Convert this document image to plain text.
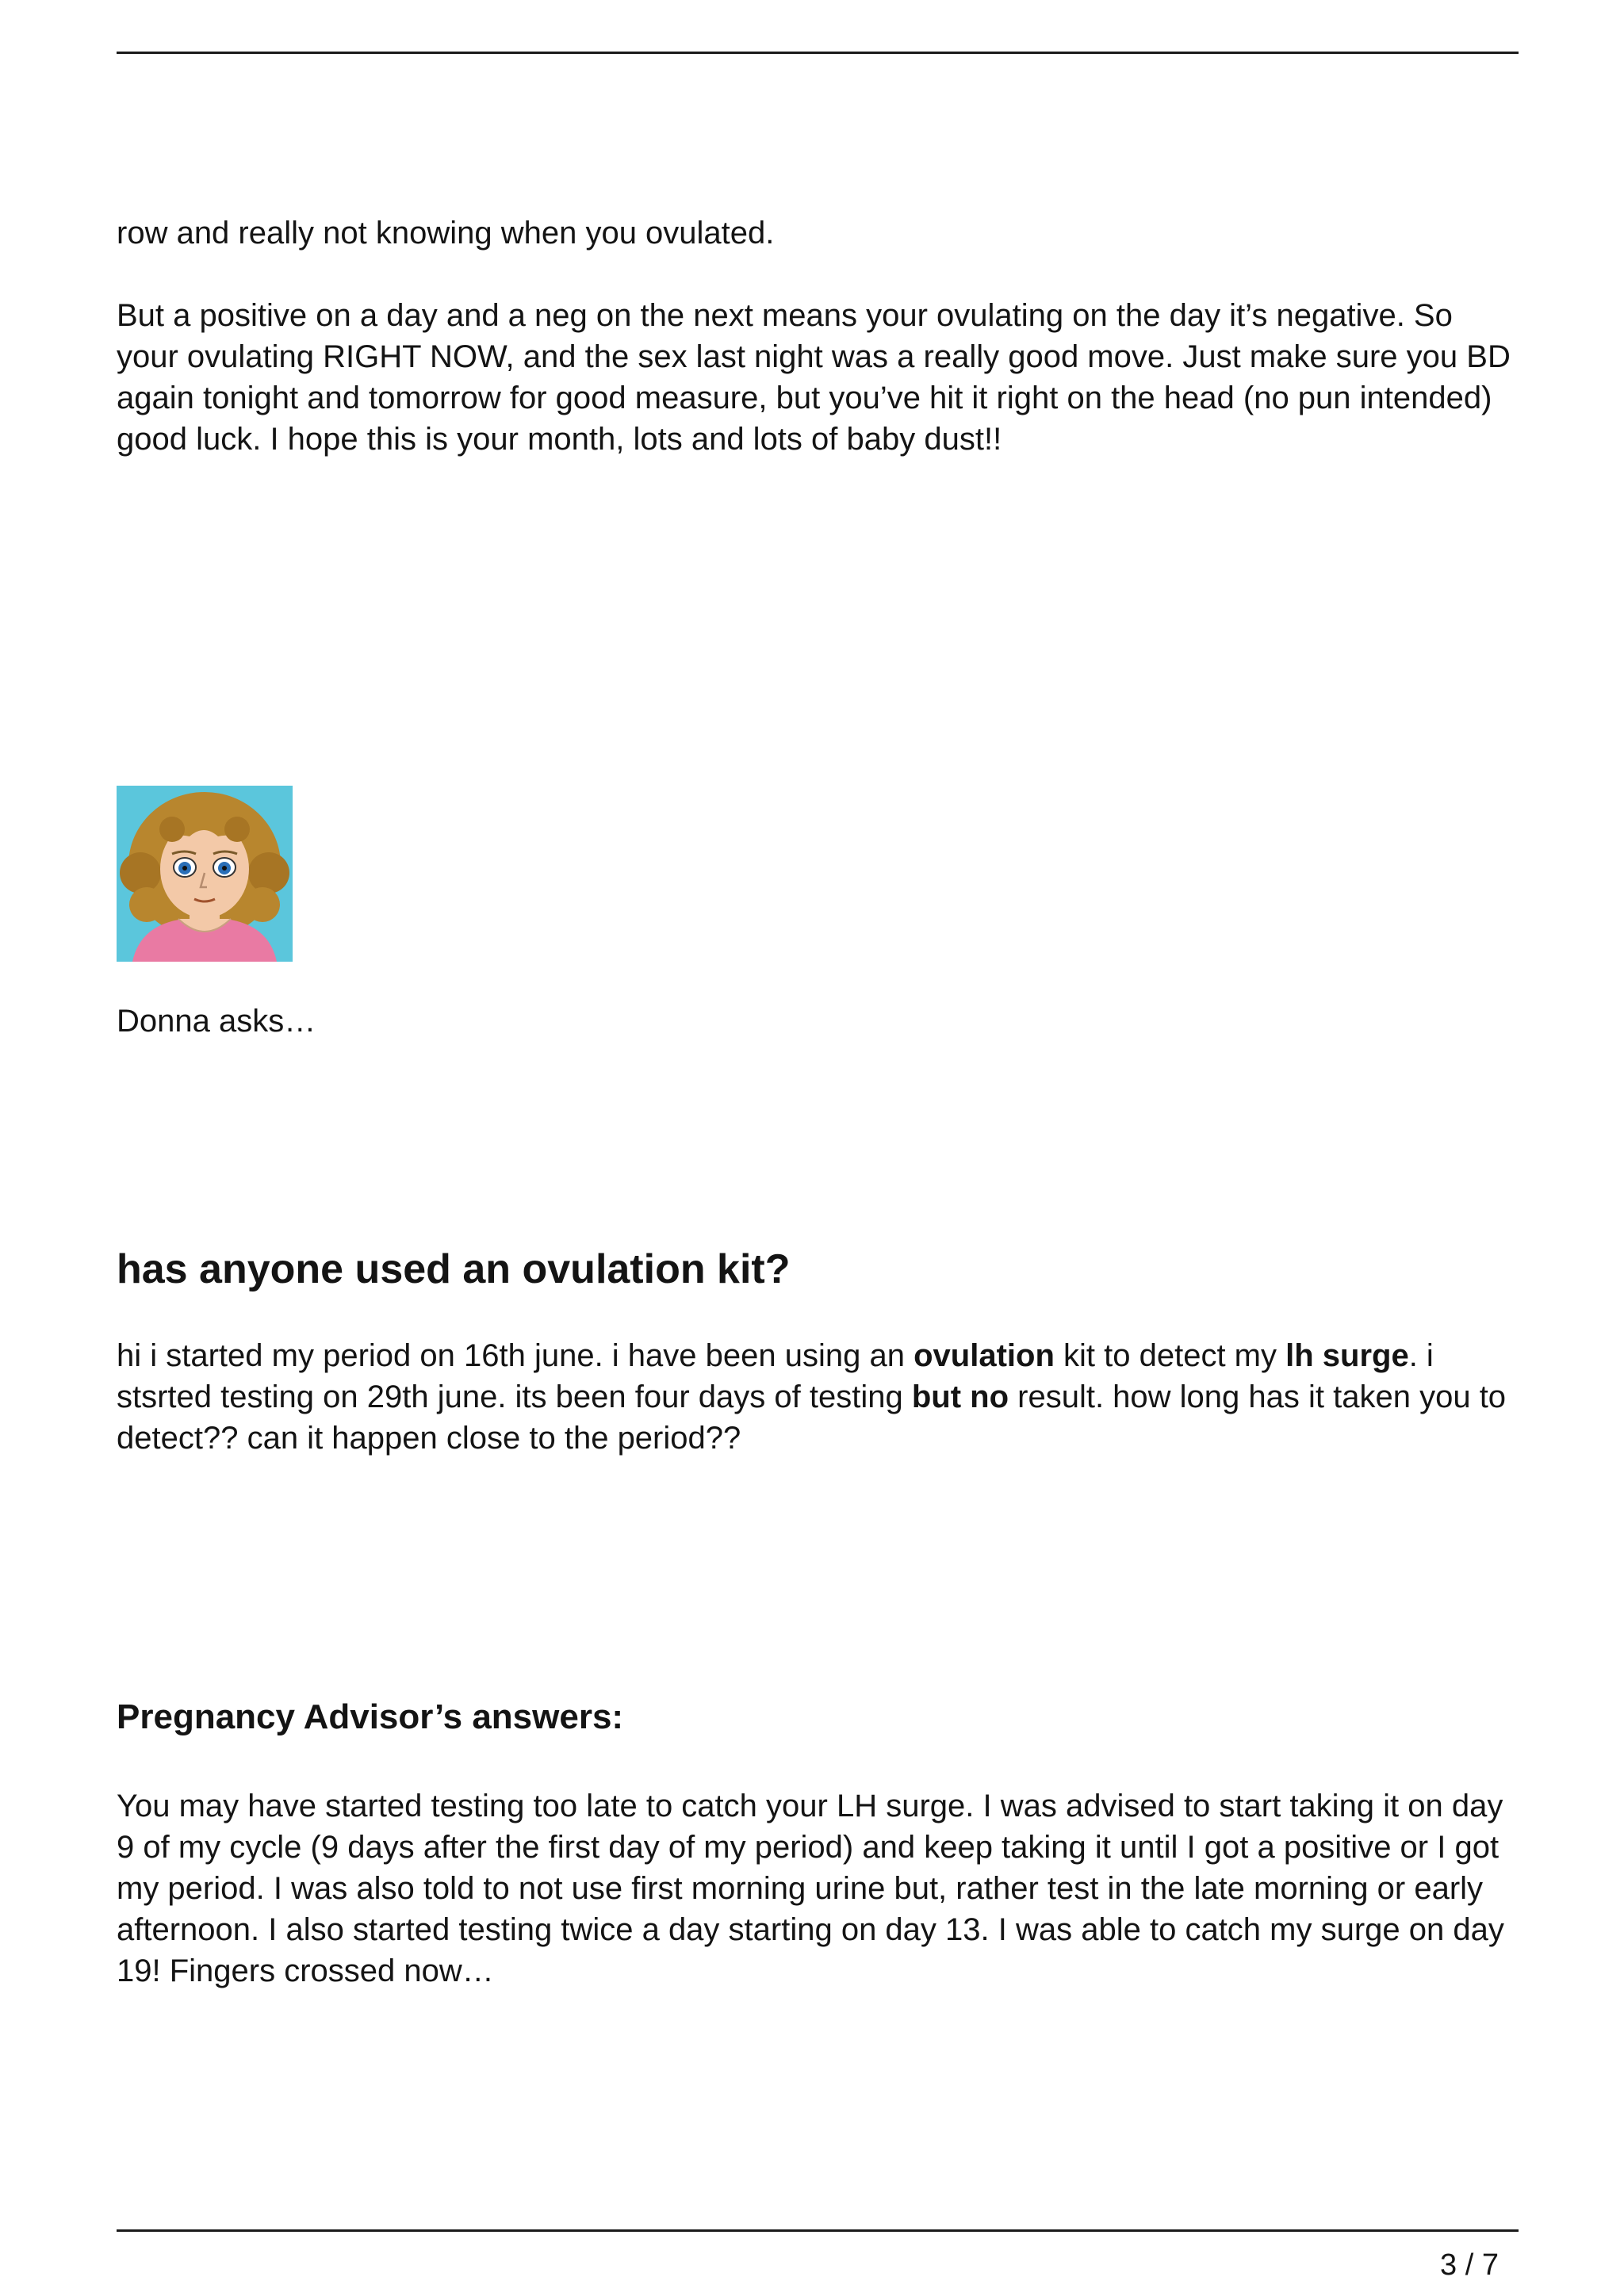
row and really not knowing when you ovulated.

But a positive on a day and a neg on the next means your ovulating on the day it’s negative. So your ovulating RIGHT NOW, and the sex last night was a really good move. Just make sure you BD again tonight and tomorrow for good measure, but you’ve hit it right on the head (no pun intended) good luck. I hope this is your month, lots and lots of baby dust!!

Donna asks…

has anyone used an ovulation kit?

hi i started my period on 16th june. i have been using an ovulation kit to detect my lh surge. i stsrted testing on 29th june. its been four days of testing but no result. how long has it taken you to detect?? can it happen close to the period??

Pregnancy Advisor’s answers:

You may have started testing too late to catch your LH surge. I was advised to start taking it on day 9 of my cycle (9 days after the first day of my period) and keep taking it until I got a positive or I got my period. I was also told to not use first morning urine but, rather test in the late morning or early afternoon. I also started testing twice a day starting on day 13. I was able to catch my surge on day 19! Fingers crossed now…

3 / 7
